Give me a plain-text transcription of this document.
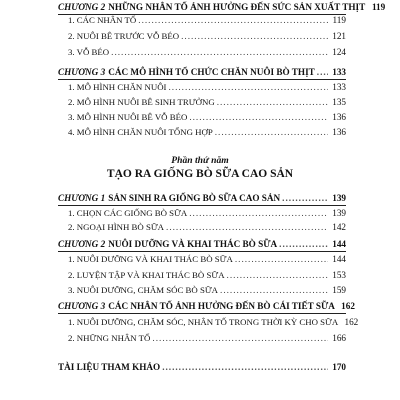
CHƯƠNG 2 NHỮNG NHÂN TỐ ẢNH HƯỞNG ĐẾN SỨC SẢN XUẤT THỊT 119
1. CÁC NHÂN TỐ .....	119
2. NUÔI BÊ TRƯỚC VỖ BÉO .....	121
3. VỖ BÉO .....	124
CHƯƠNG 3 CÁC MÔ HÌNH TỔ CHỨC CHĂN NUÔI BÒ THỊT ..... 133
1. MÔ HÌNH CHĂN NUÔI .....	133
2. MÔ HÌNH NUÔI BÊ SINH TRƯỞNG .....	135
3. MÔ HÌNH NUÔI BÊ VỖ BÉO .....	136
4. MÔ HÌNH CHĂN NUÔI TỔNG HỢP .....	136
Phần thứ năm
TẠO RA GIỐNG BÒ SỮA CAO SẢN
CHƯƠNG 1 SẢN SINH RA GIỐNG BÒ SỮA CAO SẢN .....	139
1. CHỌN CÁC GIỐNG BÒ SỮA .....	139
2. NGOẠI HÌNH BÒ SỮA .....	142
CHƯƠNG 2 NUÔI DƯỠNG VÀ KHAI THÁC BÒ SỮA .....	144
1. NUÔI DƯỠNG VÀ KHAI THÁC BÒ SỮA .....	144
2. LUYỆN TẬP VÀ KHAI THÁC BÒ SỮA .....	153
3. NUÔI DƯỠNG, CHĂM SÓC BÒ SỮA .....	159
CHƯƠNG 3 CÁC NHÂN TỐ ẢNH HƯỞNG ĐẾN BÒ CÁI TIẾT SỮA 162
1. NUÔI DƯỠNG, CHĂM SÓC, NHÂN TỐ TRONG THỜI KỲ CHO SỮA 162
2. NHỮNG NHÂN TỐ .....	166
TÀI LIỆU THAM KHẢO .....	170
